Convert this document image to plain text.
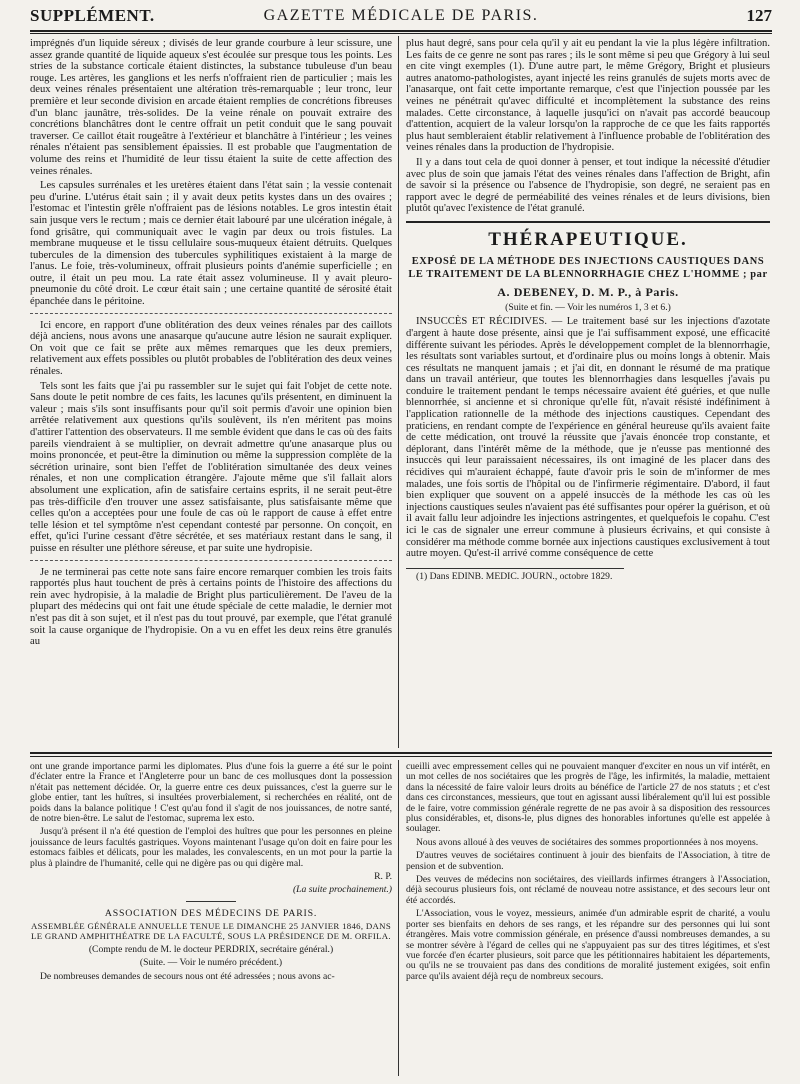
SUPPLÉMENT.	GAZETTE MÉDICALE DE PARIS.	127

imprégnés d'un liquide séreux ; divisés de leur grande courbure à leur scissure, une assez grande quantité de liquide aqueux s'est écoulée sur presque tous les points. Les stries de la substance corticale étaient distinctes, la substance tubuleuse d'un beau rouge. Les artères, les ganglions et les nerfs n'offraient rien de particulier ; mais les deux veines rénales présentaient une altération très-remarquable ; leur tronc, leur première et leur seconde division en arcade étaient remplies de concrétions fibreuses d'un blanc jaunâtre, très-solides. De la veine rénale on pouvait extraire des concrétions blanchâtres dont le centre offrait un petit conduit que le sang pouvait traverser. Ce caillot était rougeâtre à l'extérieur et blanchâtre à l'intérieur ; les veines rénales n'étaient pas sensiblement épaissies. Il est probable que l'augmentation de volume des reins et l'humidité de leur tissu étaient la suite de cette affection des veines rénales.

Les capsules surrénales et les uretères étaient dans l'état sain ; la vessie contenait peu d'urine. L'utérus était sain ; il y avait deux petits kystes dans un des ovaires ; l'estomac et l'intestin grêle n'offraient pas de lésions notables. Le gros intestin était sain jusque vers le rectum ; mais ce dernier était labouré par une ulcération inégale, à fond grisâtre, qui communiquait avec le vagin par deux ou trois fistules. La membrane muqueuse et le tissu cellulaire sous-muqueux étaient détruits. Quelques tubercules de la dimension des tubercules syphilitiques existaient à la marge de l'anus. Le foie, très-volumineux, offrait plusieurs points d'anémie superficielle ; en outre, il était un peu mou. La rate était assez volumineuse. Il y avait pleuro-pneumonie du côté droit. Le cœur était sain ; une certaine quantité de sérosité était épanchée dans le péritoine.

Ici encore, en rapport d'une oblitération des deux veines rénales par des caillots déjà anciens, nous avons une anasarque qu'aucune autre lésion ne saurait expliquer. On voit que ce fait se prête aux mêmes remarques que les deux premiers, relativement aux effets possibles ou plutôt probables de l'oblitération des deux veines rénales.

Tels sont les faits que j'ai pu rassembler sur le sujet qui fait l'objet de cette note. Sans doute le petit nombre de ces faits, les lacunes qu'ils présentent, en diminuent la valeur ; mais s'ils sont insuffisants pour qu'il soit permis d'avoir une opinion bien arrêtée relativement aux questions qu'ils soulèvent, ils n'en méritent pas moins d'attirer l'attention des observateurs. Il me semble évident que dans le cas où des faits pareils viendraient à se multiplier, on devrait admettre qu'une anasarque plus ou moins prononcée, et peut-être la diminution ou même la suppression complète de la sécrétion urinaire, sont bien l'effet de l'oblitération simultanée des deux veines rénales, et non une complication étrangère. J'ajoute même que s'il fallait alors absolument une explication, afin de satisfaire certains esprits, il ne serait peut-être pas très-difficile d'en trouver une assez satisfaisante, plus satisfaisante même que celles qu'on a acceptées pour une foule de cas où le rapport de cause à effet entre telle lésion et tel symptôme n'est cependant contesté par personne. On conçoit, en effet, qu'ici l'urine cessant d'être sécrétée, et ses matériaux restant dans le sang, il puisse en résulter une pléthore séreuse, et par suite une hydropisie.

Je ne terminerai pas cette note sans faire encore remarquer combien les trois faits rapportés plus haut touchent de près à certains points de l'histoire des affections du rein avec hydropisie, à la maladie de Bright plus particulièrement. De l'aveu de la plupart des médecins qui ont fait une étude spéciale de cette maladie, le dernier mot n'est pas dit à son sujet, et il n'est pas du tout prouvé, par exemple, que l'état granulé soit la cause organique de l'hydropisie. On a vu en effet les deux reins être granulés au

plus haut degré, sans pour cela qu'il y ait eu pendant la vie la plus légère infiltration. Les faits de ce genre ne sont pas rares ; ils le sont même si peu que Grégory à lui seul en cite vingt exemples (1). D'une autre part, le même Grégory, Bright et plusieurs autres anatomo-pathologistes, ayant injecté les reins granulés de sujets morts avec de l'anasarque, ont fait cette importante remarque, c'est que l'injection poussée par les veines ne pénétrait qu'avec difficulté et incomplètement la substance des reins malades. Cette circonstance, à laquelle jusqu'ici on n'avait pas accordé beaucoup d'attention, acquiert de la valeur lorsqu'on la rapproche de ce que les faits rapportés plus haut sembleraient établir relativement à l'influence probable de l'oblitération des veines rénales dans la production de l'hydropisie.

Il y a dans tout cela de quoi donner à penser, et tout indique la nécessité d'étudier avec plus de soin que jamais l'état des veines rénales dans l'affection de Bright, afin de savoir si la présence ou l'absence de l'hydropisie, son degré, ne seraient pas en rapport avec le degré de perméabilité des veines rénales et de leurs divisions, bien plutôt qu'avec l'existence de l'état granulé.

THÉRAPEUTIQUE.
EXPOSÉ DE LA MÉTHODE DES INJECTIONS CAUSTIQUES DANS LE TRAITEMENT DE LA BLENNORRHAGIE CHEZ L'HOMME ; par
A. DEBENEY, D. M. P., à Paris.

(Suite et fin. — Voir les numéros 1, 3 et 6.)

INSUCCÈS ET RÉCIDIVES. — Le traitement basé sur les injections d'azotate d'argent à haute dose présente, ainsi que je l'ai suffisamment exposé, une efficacité différente suivant les périodes. Après le développement complet de la blennorrhagie, les résultats sont variables surtout, et d'ordinaire plus ou moins longs à obtenir. Mais ces résultats ne manquent jamais ; et j'ai dit, en donnant le résumé de ma pratique dans un travail antérieur, que toutes les blennorrhagies dans lesquelles j'avais pu conduire le traitement pendant le temps nécessaire avaient été guéries, et que nulle blennorrhée, si ancienne et si chronique qu'elle fût, n'avait résisté indéfiniment à l'application rationnelle de la méthode des injections caustiques. Cependant des praticiens, en rendant compte de l'expérience en général heureuse qu'ils avaient faite de cette médication, ont trouvé la réussite que j'avais énoncée trop constante, et déplorant, dans l'intérêt même de la méthode, que je n'eusse pas mentionné des insuccès qui leur paraissaient nécessaires, ils ont imaginé de les placer dans des récidives qui m'auraient échappé, faute d'avoir pris le soin de m'informer de mes malades, une fois sortis de l'hôpital ou de l'infirmerie régimentaire. D'abord, il faut bien expliquer que souvent on a appelé insuccès de la méthode les cas où les injections caustiques seules n'avaient pas été suffisantes pour opérer la guérison, et où il avait fallu leur adjoindre les injections astringentes, et quelquefois le copahu. C'est ici le cas de signaler une erreur commune à plusieurs écrivains, et qui consiste à considérer ma méthode comme bornée aux injections caustiques exclusivement à tout autre moyen. Qu'est-il arrivé comme conséquence de cette

(1) Dans EDINB. MEDIC. JOURN., octobre 1829.

ont une grande importance parmi les diplomates. Plus d'une fois la guerre a été sur le point d'éclater entre la France et l'Angleterre pour un banc de ces mollusques dont la possession n'était pas nettement décidée. Or, la guerre entre ces deux puissances, c'est la guerre sur le globe entier, tant les huîtres, si insultées proverbialement, si recherchées en réalité, ont de poids dans la balance politique ! C'est qu'au fond il s'agit de nos jouissances, de notre santé, de notre bien-être. Le salut de l'estomac, suprema lex esto.

Jusqu'à présent il n'a été question de l'emploi des huîtres que pour les personnes en pleine jouissance de leurs facultés gastriques. Voyons maintenant l'usage qu'on doit en faire pour les estomacs faibles et délicats, pour les malades, les convalescents, en un mot pour la partie la plus à plaindre de l'humanité, celle qui ne digère pas ou qui digère mal.

R. P.

(La suite prochainement.)

ASSOCIATION DES MÉDECINS DE PARIS.
ASSEMBLÉE GÉNÉRALE ANNUELLE TENUE LE DIMANCHE 25 JANVIER 1846, DANS LE GRAND AMPHITHÉATRE DE LA FACULTÉ, SOUS LA PRÉSIDENCE DE M. ORFILA.

(Compte rendu de M. le docteur PERDRIX, secrétaire général.)

(Suite. — Voir le numéro précédent.)

De nombreuses demandes de secours nous ont été adressées ; nous avons ac-

cueilli avec empressement celles qui ne pouvaient manquer d'exciter en nous un vif intérêt, en un mot celles de nos sociétaires que les progrès de l'âge, les infirmités, la maladie, mettaient dans la nécessité de faire valoir leurs droits au bénéfice de l'article 27 de nos statuts ; et c'est dans ces circonstances, messieurs, que tout en agissant aussi libéralement qu'il lui est possible de le faire, votre commission générale regrette de ne pas avoir à sa disposition des ressources plus considérables, et, disons-le, plus dignes des honorables infortunes qu'elle est appelée à soulager.

Nous avons alloué à des veuves de sociétaires des sommes proportionnées à nos moyens.

D'autres veuves de sociétaires continuent à jouir des bienfaits de l'Association, à titre de pension et de subvention.

Des veuves de médecins non sociétaires, des vieillards infirmes étrangers à l'Association, déjà secourus plusieurs fois, ont réclamé de nouveau notre assistance, et des secours leur ont été accordés.

L'Association, vous le voyez, messieurs, animée d'un admirable esprit de charité, a voulu porter ses bienfaits en dehors de ses rangs, et les répandre sur des personnes qui lui sont étrangères. Mais votre commission générale, en présence d'aussi nombreuses demandes, a su se montrer sévère à l'égard de celles qui ne s'appuyaient pas sur des titres légitimes, et s'est vue forcée d'en écarter plusieurs, soit parce que les pétitionnaires habitaient les départements, ou qu'ils ne se trouvaient pas dans des conditions de moralité justement exigées, soit enfin parce qu'ils avaient déjà reçu de nombreux secours.
